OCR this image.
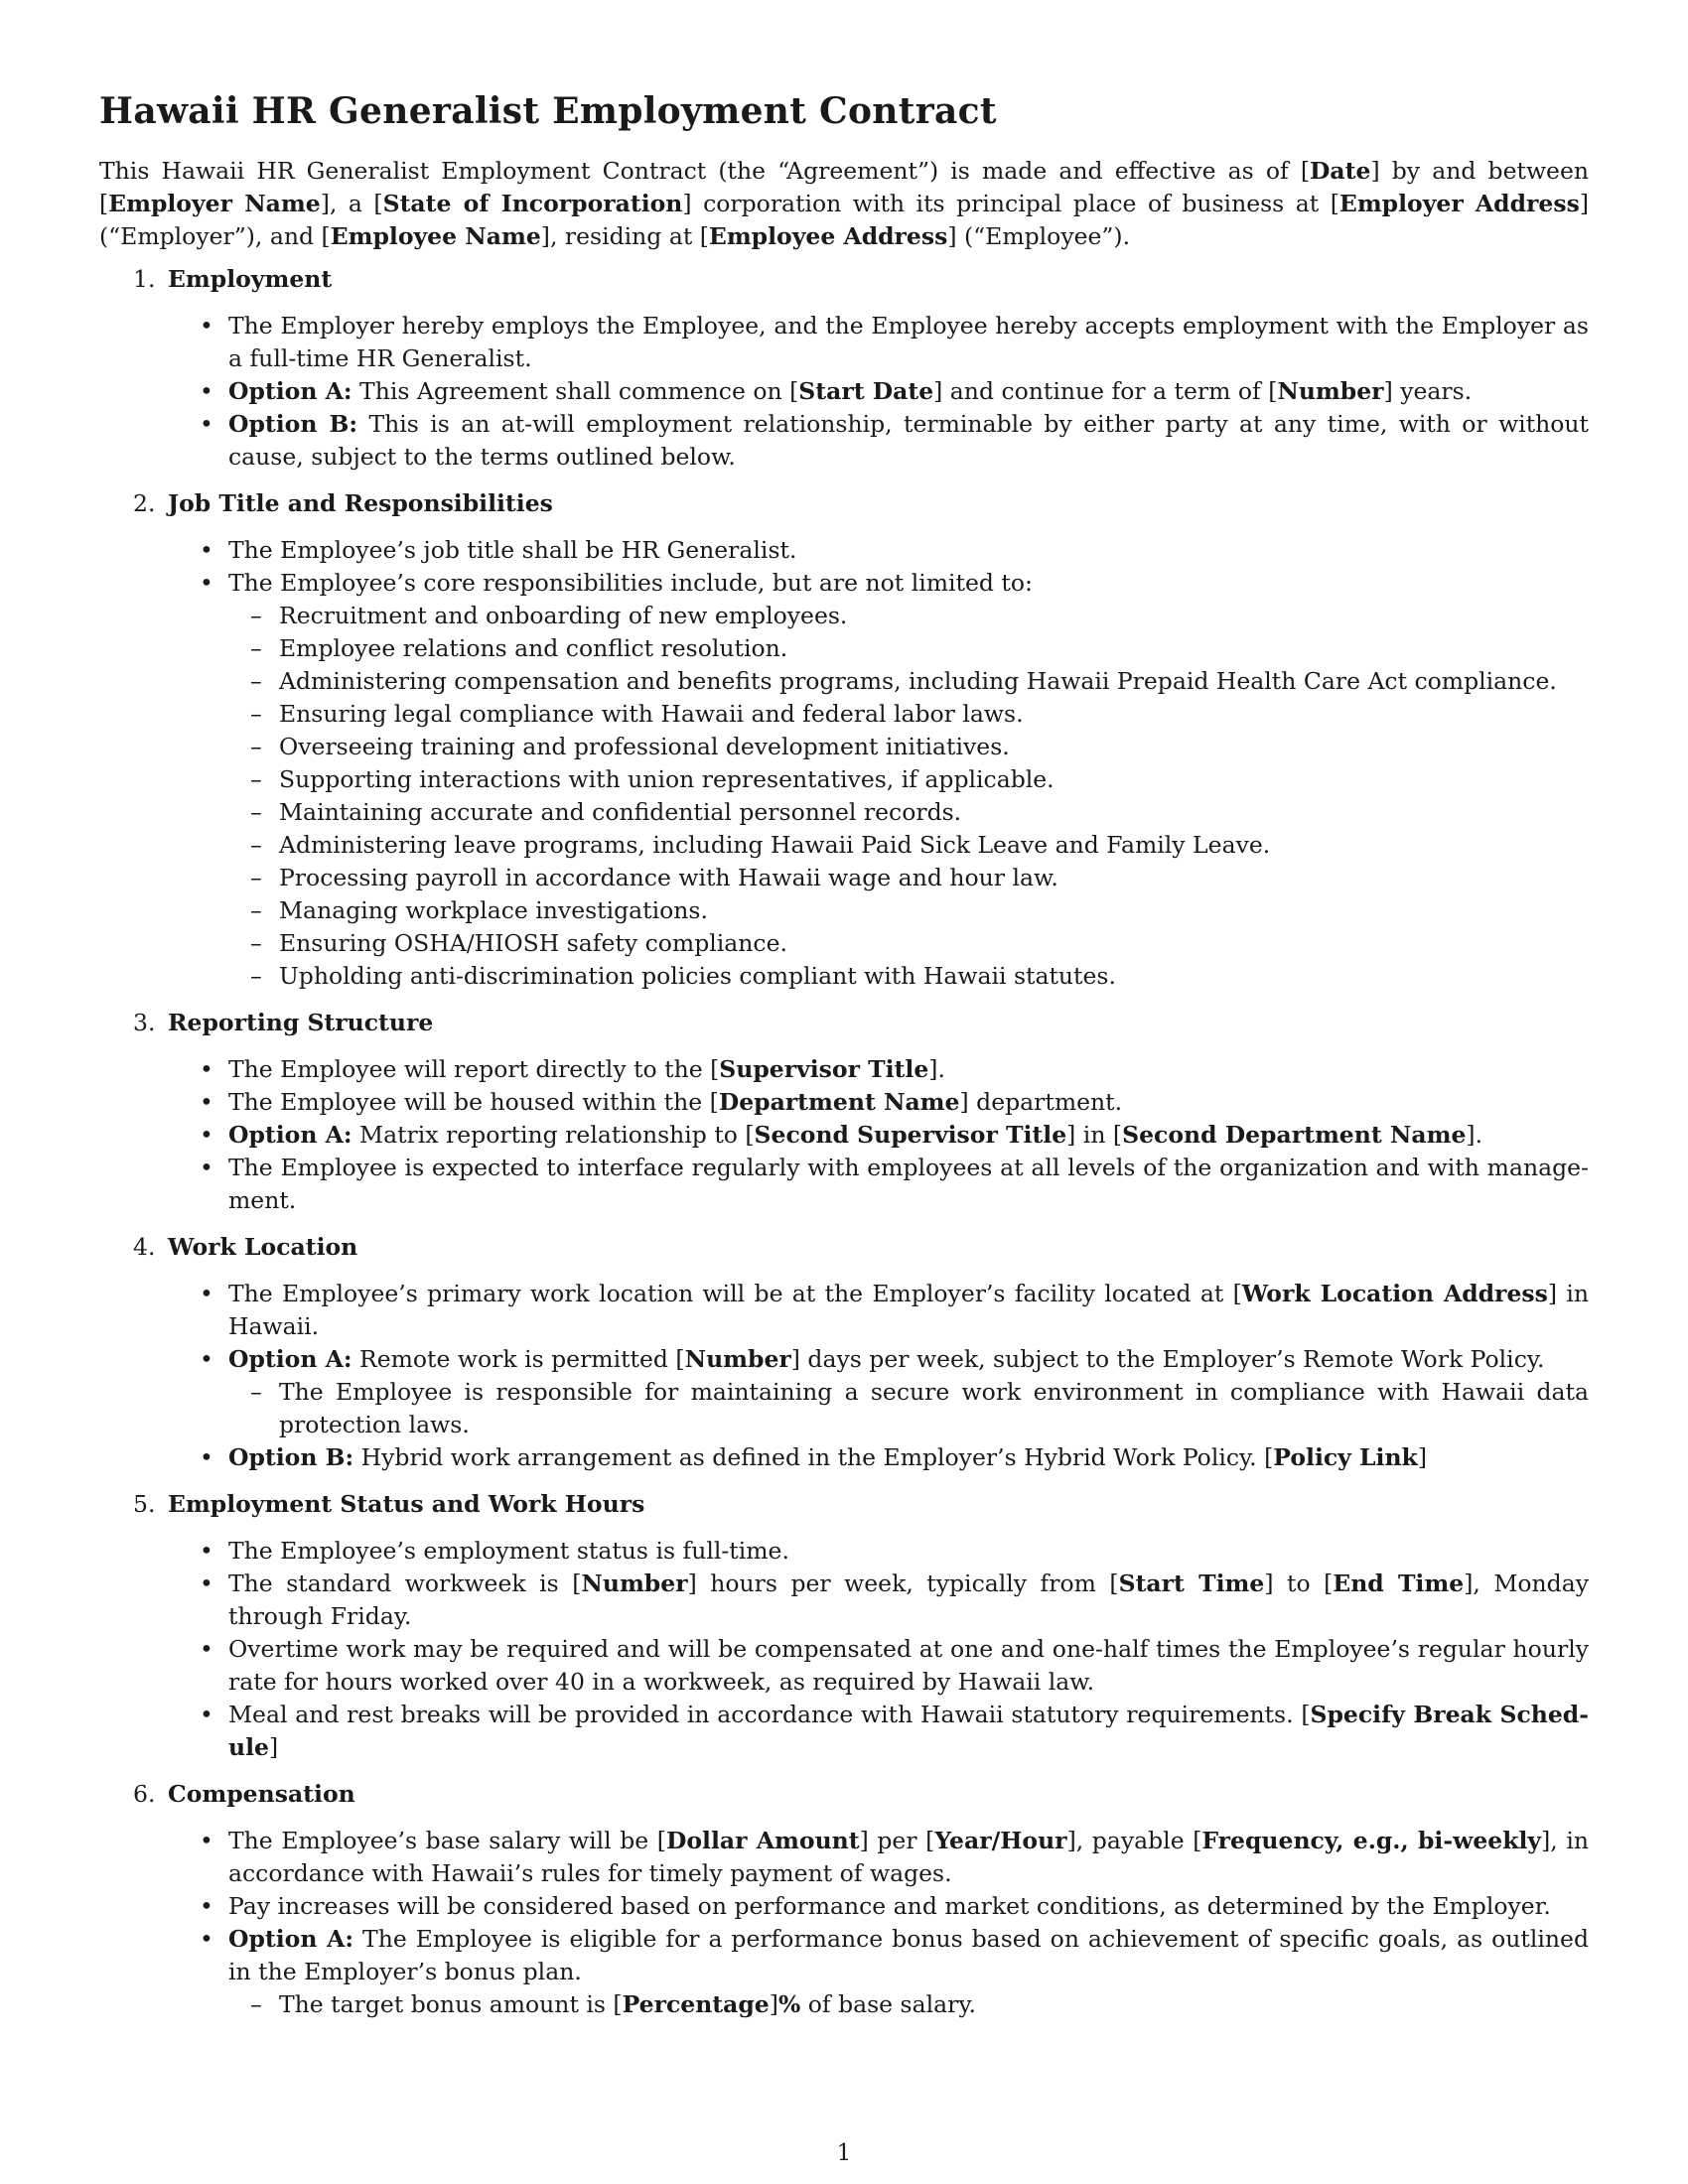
Hawaii HR Generalist Employment Contract

This Hawaii HR Generalist Employment Contract (the “Agreement”) is made and effective as of [Date] by and between [Employer Name], a [State of Incorporation] corporation with its principal place of business at [Employer Address] (“Employer”), and [Employee Name], residing at [Employee Address] (“Employee”).

1. Employment
• The Employer hereby employs the Employee, and the Employee hereby accepts employment with the Employer as a full-time HR Generalist.
• Option A: This Agreement shall commence on [Start Date] and continue for a term of [Number] years.
• Option B: This is an at-will employment relationship, terminable by either party at any time, with or without cause, subject to the terms outlined below.
2. Job Title and Responsibilities
• The Employee’s job title shall be HR Generalist.
• The Employee’s core responsibilities include, but are not limited to:
– Recruitment and onboarding of new employees.
– Employee relations and conflict resolution.
– Administering compensation and benefits programs, including Hawaii Prepaid Health Care Act compliance.
– Ensuring legal compliance with Hawaii and federal labor laws.
– Overseeing training and professional development initiatives.
– Supporting interactions with union representatives, if applicable.
– Maintaining accurate and confidential personnel records.
– Administering leave programs, including Hawaii Paid Sick Leave and Family Leave.
– Processing payroll in accordance with Hawaii wage and hour law.
– Managing workplace investigations.
– Ensuring OSHA/HIOSH safety compliance.
– Upholding anti-discrimination policies compliant with Hawaii statutes.
3. Reporting Structure
• The Employee will report directly to the [Supervisor Title].
• The Employee will be housed within the [Department Name] department.
• Option A: Matrix reporting relationship to [Second Supervisor Title] in [Second Department Name].
• The Employee is expected to interface regularly with employees at all levels of the organization and with manage-ment.
4. Work Location
• The Employee’s primary work location will be at the Employer’s facility located at [Work Location Address] in Hawaii.
• Option A: Remote work is permitted [Number] days per week, subject to the Employer’s Remote Work Policy.
– The Employee is responsible for maintaining a secure work environment in compliance with Hawaii data protection laws.
• Option B: Hybrid work arrangement as defined in the Employer’s Hybrid Work Policy. [Policy Link]
5. Employment Status and Work Hours
• The Employee’s employment status is full-time.
• The standard workweek is [Number] hours per week, typically from [Start Time] to [End Time], Monday through Friday.
• Overtime work may be required and will be compensated at one and one-half times the Employee’s regular hourly rate for hours worked over 40 in a workweek, as required by Hawaii law.
• Meal and rest breaks will be provided in accordance with Hawaii statutory requirements. [Specify Break Sched-ule]
6. Compensation
• The Employee’s base salary will be [Dollar Amount] per [Year/Hour], payable [Frequency, e.g., bi-weekly], in accordance with Hawaii’s rules for timely payment of wages.
• Pay increases will be considered based on performance and market conditions, as determined by the Employer.
• Option A: The Employee is eligible for a performance bonus based on achievement of specific goals, as outlined in the Employer’s bonus plan.
– The target bonus amount is [Percentage]% of base salary.
1
